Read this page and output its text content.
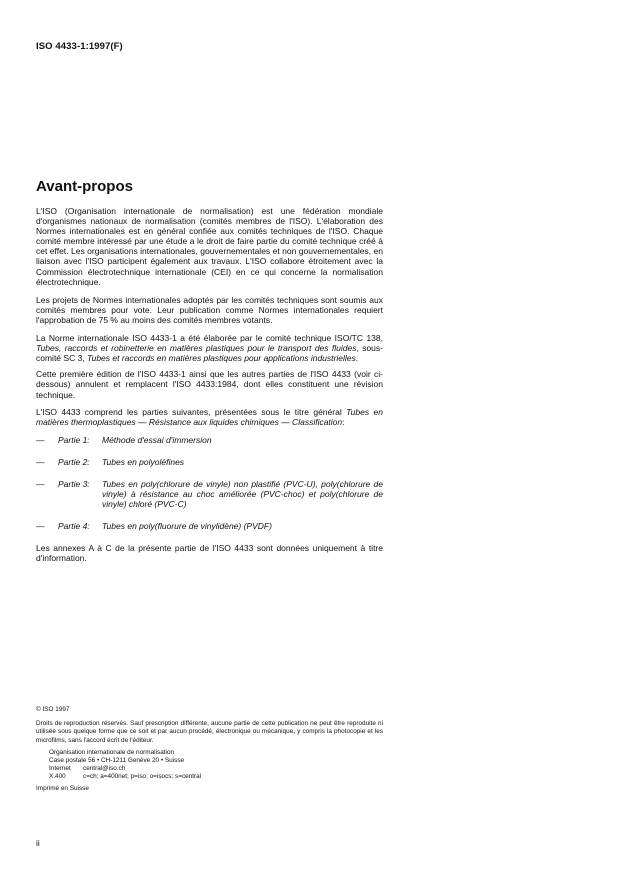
ISO 4433-1:1997(F)
Avant-propos

L'ISO (Organisation internationale de normalisation) est une fédération mondiale d'organismes nationaux de normalisation (comités membres de l'ISO). L'élaboration des Normes internationales est en général confiée aux comités techniques de l'ISO. Chaque comité membre intéressé par une étude a le droit de faire partie du comité technique créé à cet effet. Les organisations internationales, gouvernementales et non gouvernementales, en liaison avec l'ISO participent également aux travaux. L'ISO collabore étroitement avec la Commission électrotechnique internationale (CEI) en ce qui concerne la normalisation électrotechnique.

Les projets de Normes internationales adoptés par les comités techniques sont soumis aux comités membres pour vote. Leur publication comme Normes internationales requiert l'approbation de 75 % au moins des comités membres votants.

La Norme internationale ISO 4433-1 a été élaborée par le comité technique ISO/TC 138, Tubes, raccords et robinetterie en matières plastiques pour le transport des fluides, sous-comité SC 3, Tubes et raccords en matières plastiques pour applications industrielles.

Cette première édition de l'ISO 4433-1 ainsi que les autres parties de l'ISO 4433 (voir ci-dessous) annulent et remplacent l'ISO 4433:1984, dont elles constituent une révision technique.

L'ISO 4433 comprend les parties suivantes, présentées sous le titre général Tubes en matières thermoplastiques — Résistance aux liquides chimiques — Classification:

—	Partie 1:	Méthode d'essai d'immersion
—	Partie 2:	Tubes en polyoléfines
—	Partie 3:	Tubes en poly(chlorure de vinyle) non plastifié (PVC-U), poly(chlorure de vinyle) à résistance au choc améliorée (PVC-choc) et poly(chlorure de vinyle) chloré (PVC-C)
—	Partie 4:	Tubes en poly(fluorure de vinylidène) (PVDF)

Les annexes A à C de la présente partie de l'ISO 4433 sont données uniquement à titre d'information.

© ISO 1997

Droits de reproduction réservés. Sauf prescription différente, aucune partie de cette publication ne peut être reproduite ni utilisée sous quelque forme que ce soit et par aucun procédé, électronique ou mécanique, y compris la photocopie et les microfilms, sans l'accord écrit de l'éditeur.

Organisation internationale de normalisation

Case postale 56 • CH-1211 Genève 20 • Suisse

Internet	central@iso.ch
X.400	c=ch; a=400net; p=iso; o=isocs; s=central

Imprimé en Suisse

ii
